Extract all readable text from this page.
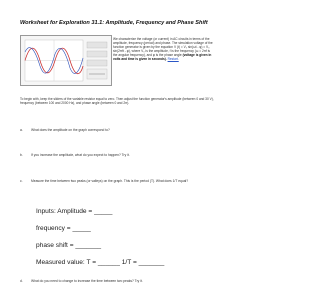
Worksheet for Exploration 31.1: Amplitude, Frequency and Phase Shift
We characterize the voltage (or current) in AC circuits in terms of the amplitude, frequency (period) and phase. The simulation voltage of the function generator is given by the equation V (t) = V₀ sin(ωt - φ) = V₀ sin(2πft - φ), where V₀ is the amplitude, f is the frequency (ω = 2πf is the angular frequency), and φ is the phase angle (voltage is given in volts and time is given in seconds). Restart.
To begin with, keep the sliders of the variable resistor equal to zero. Then adjust the function generator's amplitude (between 0 and 30 V), frequency (between 100 and 2000 Hz), and phase angle (between 0 and 2π).
a.	What does the amplitude on the graph correspond to?
b.	If you increase the amplitude, what do you expect to happen? Try it.
c.	Measure the time between two peaks (or valleys) on the graph. This is the period (T). What does 1/T equal?
Inputs: Amplitude = _____
frequency = _____
phase shift = _______
Measured value: T = ______ 1/T = _______
d.	What do you need to change to increase the time between two peaks? Try it.
